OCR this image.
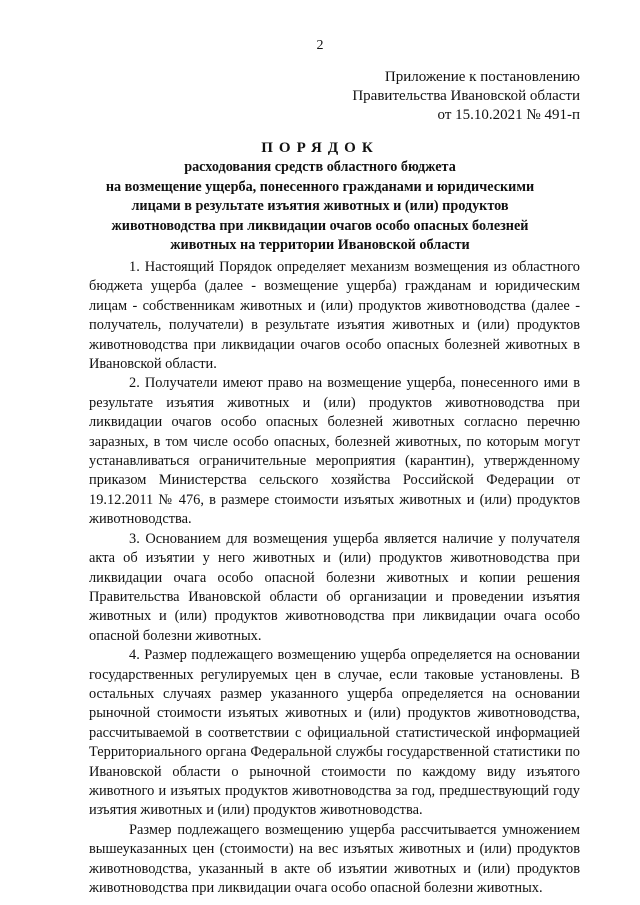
2
Приложение к постановлению
Правительства Ивановской области
от 15.10.2021 № 491-п
ПОРЯДОК
расходования средств областного бюджета
на возмещение ущерба, понесенного гражданами и юридическими
лицами в результате изъятия животных и (или) продуктов
животноводства при ликвидации очагов особо опасных болезней
животных на территории Ивановской области

1. Настоящий Порядок определяет механизм возмещения из областного бюджета ущерба (далее - возмещение ущерба) гражданам и юридическим лицам - собственникам животных и (или) продуктов животноводства (далее - получатель, получатели) в результате изъятия животных и (или) продуктов животноводства при ликвидации очагов особо опасных болезней животных в Ивановской области.

2. Получатели имеют право на возмещение ущерба, понесенного ими в результате изъятия животных и (или) продуктов животноводства при ликвидации очагов особо опасных болезней животных согласно перечню заразных, в том числе особо опасных, болезней животных, по которым могут устанавливаться ограничительные мероприятия (карантин), утвержденному приказом Министерства сельского хозяйства Российской Федерации от 19.12.2011 № 476, в размере стоимости изъятых животных и (или) продуктов животноводства.

3. Основанием для возмещения ущерба является наличие у получателя акта об изъятии у него животных и (или) продуктов животноводства при ликвидации очага особо опасной болезни животных и копии решения Правительства Ивановской области об организации и проведении изъятия животных и (или) продуктов животноводства при ликвидации очага особо опасной болезни животных.

4. Размер подлежащего возмещению ущерба определяется на основании государственных регулируемых цен в случае, если таковые установлены. В остальных случаях размер указанного ущерба определяется на основании рыночной стоимости изъятых животных и (или) продуктов животноводства, рассчитываемой в соответствии с официальной статистической информацией Территориального органа Федеральной службы государственной статистики по Ивановской области о рыночной стоимости по каждому виду изъятого животного и изъятых продуктов животноводства за год, предшествующий году изъятия животных и (или) продуктов животноводства.

Размер подлежащего возмещению ущерба рассчитывается умножением вышеуказанных цен (стоимости) на вес изъятых животных и (или) продуктов животноводства, указанный в акте об изъятии животных и (или) продуктов животноводства при ликвидации очага особо опасной болезни животных.
